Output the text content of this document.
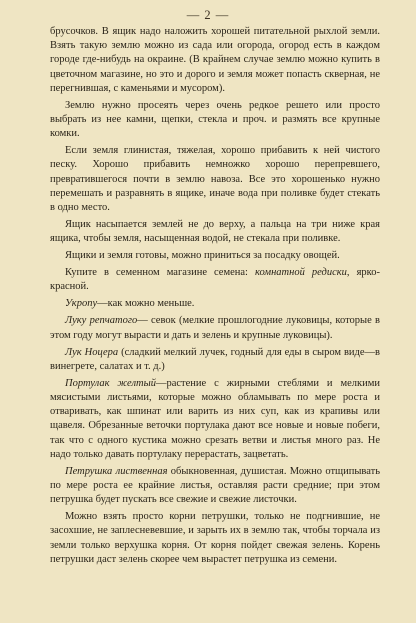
— 2 —

брусочков. В ящик надо наложить хорошей питательной рыхлой земли. Взять такую землю можно из сада или огорода, огород есть в каждом городе где-нибудь на окраине. (В крайнем случае землю можно купить в цветочном магазине, но это и дорого и земля может попасть скверная, не перегнившая, с каменьями и мусором).

Землю нужно просеять через очень редкое решето или просто выбрать из нее камни, щепки, стекла и проч. и размять все крупные комки.

Если земля глинистая, тяжелая, хорошо прибавить к ней чистого песку. Хорошо прибавить немножко хорошо перепревшего, превратившегося почти в землю навоза. Все это хорошенько нужно перемешать и разравнять в ящике, иначе вода при поливке будет стекать в одно место.

Ящик насыпается землей не до верху, а пальца на три ниже края ящика, чтобы земля, насыщенная водой, не стекала при поливке.

Ящики и земля готовы, можно приниться за посадку овощей.

Купите в семенном магазине семена: комнатной редиски, ярко-красной.

Укропу—как можно меньше.

Луку репчатого— севок (мелкие прошлогодние луковицы, которые в этом году могут вырасти и дать и зелень и крупные луковицы).

Лук Ноцера (сладкий мелкий лучек, годный для еды в сыром виде—в винегрете, салатах и т. д.)

Портулак желтый—растение с жирными стеблями и мелкими мясистыми листьями, которые можно обламывать по мере роста и отваривать, как шпинат или варить из них суп, как из крапивы или щавеля. Обрезанные веточки портулака дают все новые и новые побеги, так что с одного кустика можно срезать ветви и листья много раз. Не надо только давать портулаку перерастать, зацветать.

Петрушка лиственная обыкновенная, душистая. Можно отщипывать по мере роста ее крайние листья, оставляя расти средние; при этом петрушка будет пускать все свежие и свежие листочки.

Можно взять просто корни петрушки, только не подгнившие, не засохшие, не заплесневевшие, и зарыть их в землю так, чтобы торчала из земли только верхушка корня. От корня пойдет свежая зелень. Корень петрушки даст зелень скорее чем вырастет петрушка из семени.
